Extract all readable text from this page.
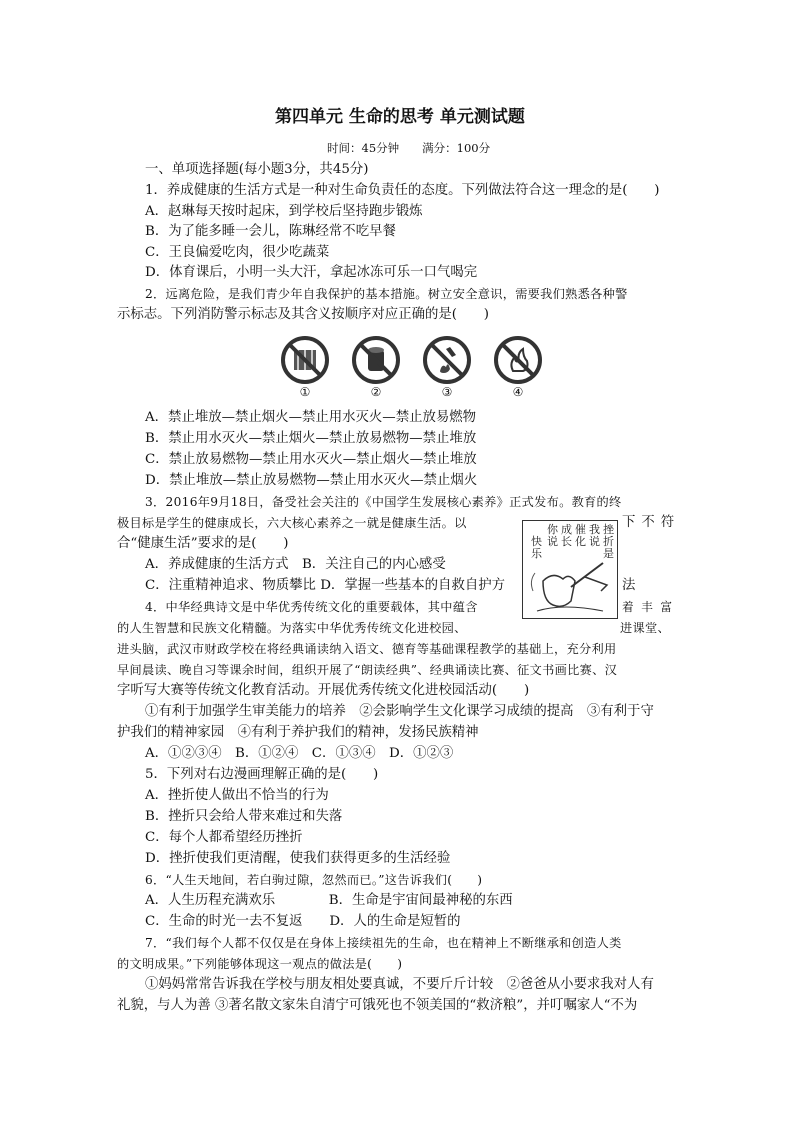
第四单元 生命的思考 单元测试题
时间：45分钟　　满分：100分
一、单项选择题(每小题3分，共45分)
1．养成健康的生活方式是一种对生命负责任的态度。下列做法符合这一理念的是(　　)
A．赵琳每天按时起床，到学校后坚持跑步锻炼
B．为了能多睡一会儿，陈琳经常不吃早餐
C．王良偏爱吃肉，很少吃蔬菜
D．体育课后，小明一头大汗，拿起冰冻可乐一口气喝完
2．远离危险，是我们青少年自我保护的基本措施。树立安全意识，需要我们熟悉各种警
示标志。下列消防警示标志及其含义按顺序对应正确的是(　　)
①	②	③	④
A．禁止堆放—禁止烟火—禁止用水灭火—禁止放易燃物
B．禁止用水灭火—禁止烟火—禁止放易燃物—禁止堆放
C．禁止放易燃物—禁止用水灭火—禁止烟火—禁止堆放
D．禁止堆放—禁止放易燃物—禁止用水灭火—禁止烟火
3．2016年9月18日，备受社会关注的《中国学生发展核心素养》正式发布。教育的终
极目标是学生的健康成长，六大核心素养之一就是健康生活。以	下不符
合“健康生活”要求的是(　　)
A．养成健康的生活方式　B．关注自己的内心感受
C．注重精神追求、物质攀比 D．掌握一些基本的自救自护方	法
挫
折
是
我
说
催
化
成
长
你
说
快
乐
4．中华经典诗文是中华优秀传统文化的重要载体，其中蕴含	着丰富
的人生智慧和民族文化精髓。为落实中华优秀传统文化进校园、	进课堂、
进头脑，武汉市财政学校在将经典诵读纳入语文、德育等基础课程教学的基础上，充分利用
早间晨读、晚自习等课余时间，组织开展了“朗读经典”、经典诵读比赛、征文书画比赛、汉
字听写大赛等传统文化教育活动。开展优秀传统文化进校园活动(　　)
①有利于加强学生审美能力的培养　②会影响学生文化课学习成绩的提高　③有利于守
护我们的精神家园　④有利于养护我们的精神，发扬民族精神
A．①②③④　B．①②④　C．①③④　D．①②③
5．下列对右边漫画理解正确的是(　　)
A．挫折使人做出不恰当的行为
B．挫折只会给人带来难过和失落
C．每个人都希望经历挫折
D．挫折使我们更清醒，使我们获得更多的生活经验
6．“人生天地间，若白驹过隙，忽然而已。”这告诉我们(　　)
A．人生历程充满欢乐　　　　B．生命是宇宙间最神秘的东西
C．生命的时光一去不复返　　D．人的生命是短暂的
7．“我们每个人都不仅仅是在身体上接续祖先的生命，也在精神上不断继承和创造人类
的文明成果。”下列能够体现这一观点的做法是(　　)
①妈妈常常告诉我在学校与朋友相处要真诚，不要斤斤计较　②爸爸从小要求我对人有
礼貌，与人为善 ③著名散文家朱自清宁可饿死也不领美国的“救济粮”，并叮嘱家人“不为
